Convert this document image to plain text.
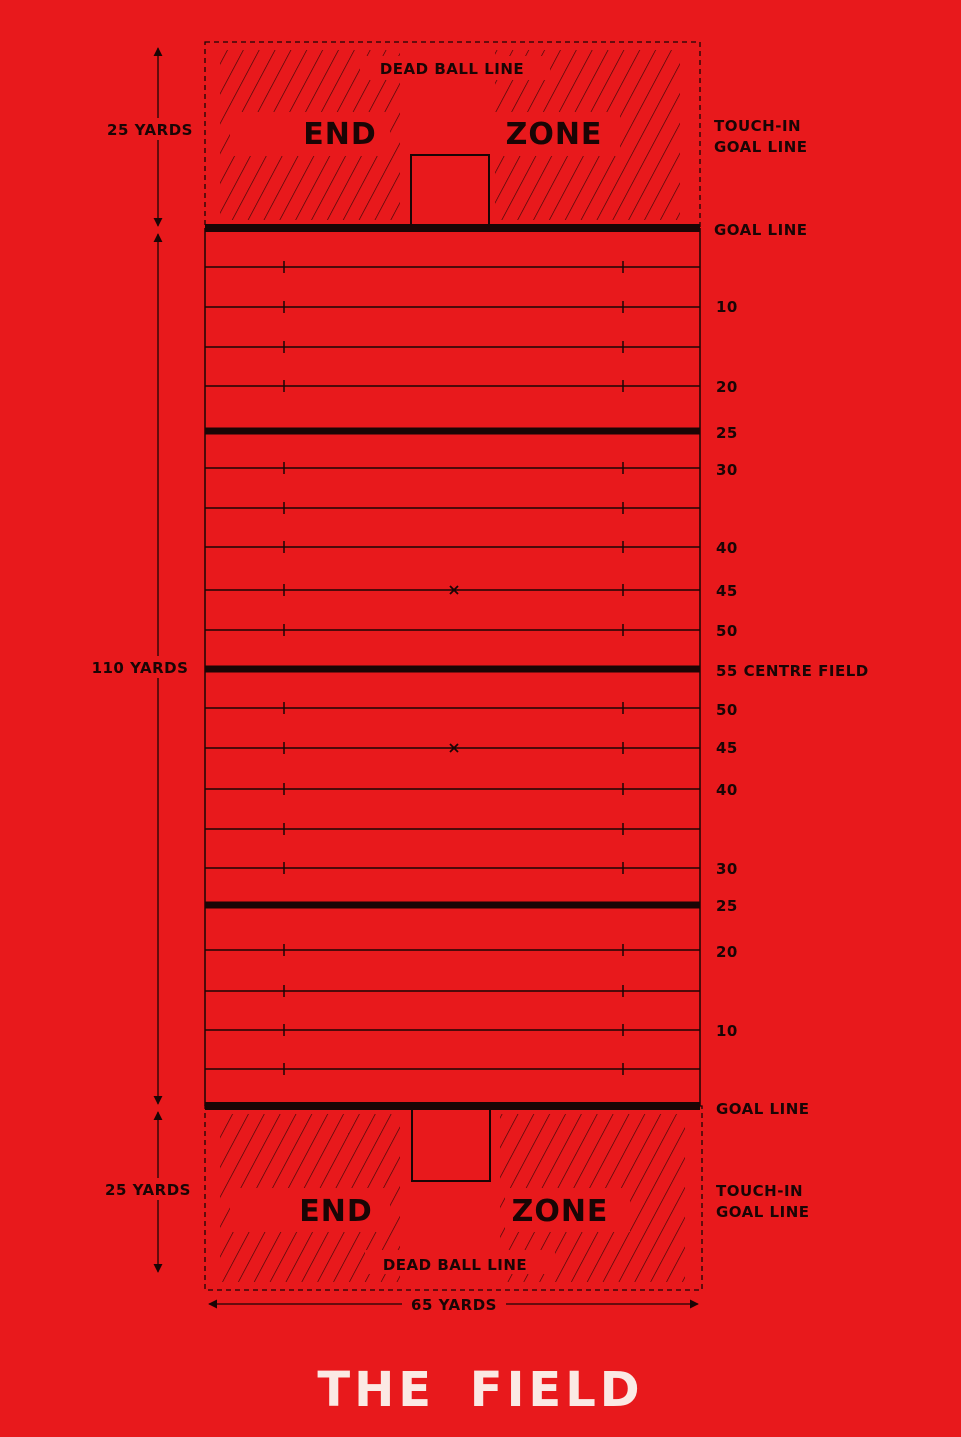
DEAD BALL LINE
END	ZONE	TOUCH-IN
GOAL LINE
GOAL LINE
25 YARDS
110 YARDS	55 CENTRE FIELD
GOAL LINE
25 YARDS
END	ZONE
TOUCH-IN
GOAL LINE
DEAD BALL LINE
65 YARDS
10
20
25
30
40
45
50
50
45
40
30
25
20
10
THE FIELD
